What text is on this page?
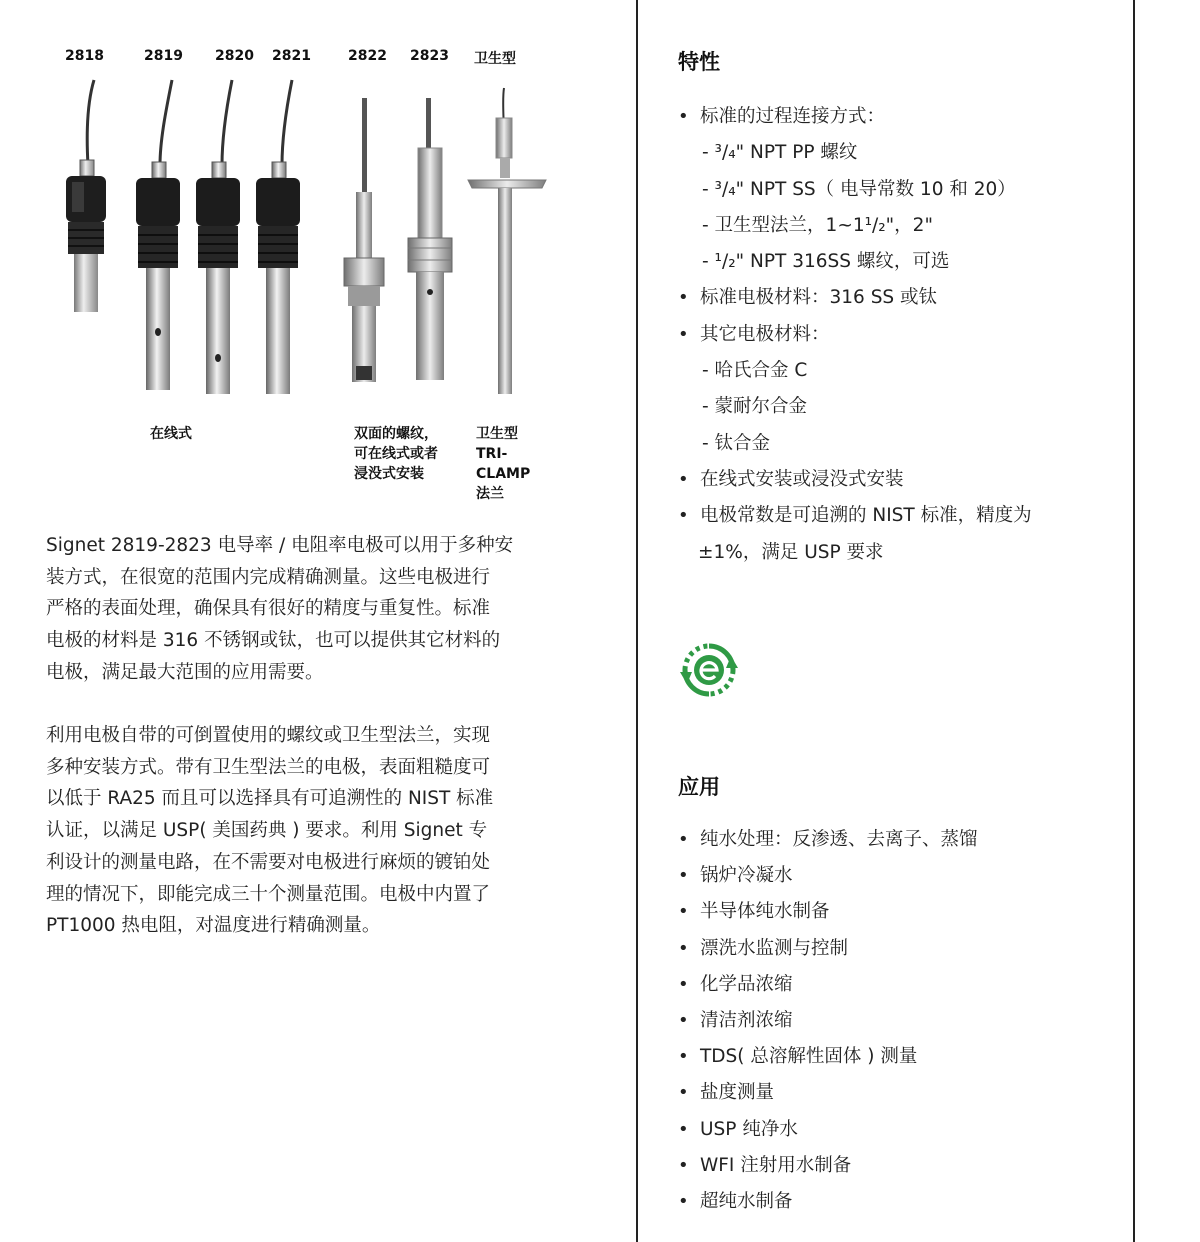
2818	2819 2820 2821	2822 2823 卫生型
在线式	双面的螺纹，
可在线式或者
浸没式安装
卫生型
TRI-
CLAMP
法兰
Signet 2819-2823 电导率 / 电阻率电极可以用于多种安
装方式，在很宽的范围内完成精确测量。这些电极进行
严格的表面处理，确保具有很好的精度与重复性。标准
电极的材料是 316 不锈钢或钛，也可以提供其它材料的
电极，满足最大范围的应用需要。
利用电极自带的可倒置使用的螺纹或卫生型法兰，实现
多种安装方式。带有卫生型法兰的电极，表面粗糙度可
以低于 RA25 而且可以选择具有可追溯性的 NIST 标准
认证，以满足 USP( 美国药典 ) 要求。利用 Signet 专
利设计的测量电路，在不需要对电极进行麻烦的镀铂处
理的情况下，即能完成三十个测量范围。电极中内置了
PT1000 热电阻，对温度进行精确测量。
特性
• 标准的过程连接方式：
- ³/₄" NPT PP 螺纹
- ³/₄" NPT SS（ 电导常数 10 和 20）
- 卫生型法兰，1~1¹/₂"，2"
- ¹/₂" NPT 316SS 螺纹，可选
• 标准电极材料：316 SS 或钛
• 其它电极材料：
- 哈氏合金 C
- 蒙耐尔合金
- 钛合金
• 在线式安装或浸没式安装
• 电极常数是可追溯的 NIST 标准，精度为
±1%，满足 USP 要求
应用
• 纯水处理：反渗透、去离子、蒸馏
• 锅炉冷凝水
• 半导体纯水制备
• 漂洗水监测与控制
• 化学品浓缩
• 清洁剂浓缩
• TDS( 总溶解性固体 ) 测量
• 盐度测量
• USP 纯净水
• WFI 注射用水制备
• 超纯水制备
